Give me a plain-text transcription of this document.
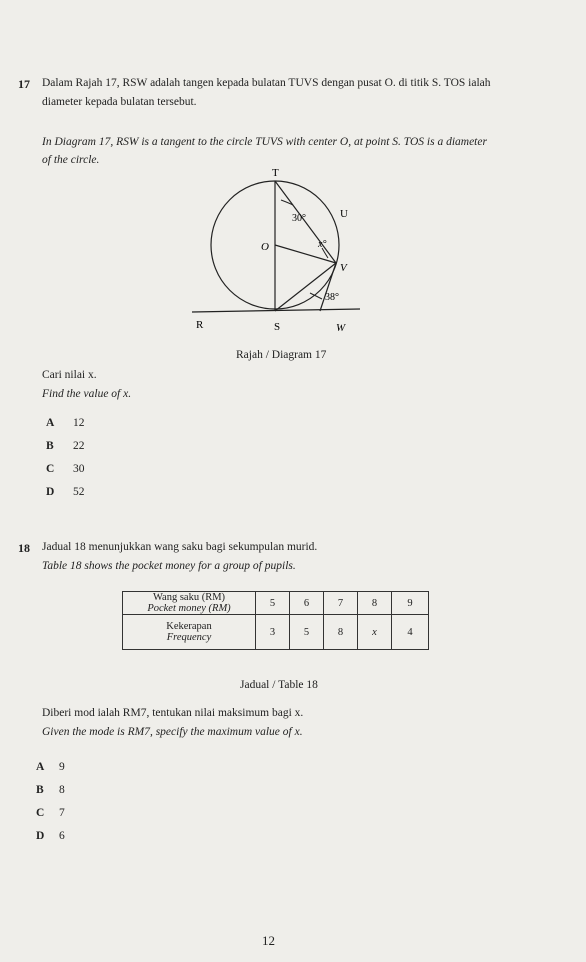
17 Dalam Rajah 17, RSW adalah tangen kepada bulatan TUVS dengan pusat O. di titik S. TOS ialah
diameter kepada bulatan tersebut.
In Diagram 17, RSW is a tangent to the circle TUVS with center O, at point S. TOS is a diameter
of the circle.
T
U
O
V
R	S	W
30°
x°
38°
Rajah / Diagram 17
Cari nilai x.
Find the value of x.
A	12
B	22
C	30
D	52
18 Jadual 18 menunjukkan wang saku bagi sekumpulan murid.
Table 18 shows the pocket money for a group of pupils.
Wang saku (RM)
Pocket money (RM)	5	6	7	8	9

Kekerapan
Frequency	3	5	8	x	4
Jadual / Table 18
Diberi mod ialah RM7, tentukan nilai maksimum bagi x.
Given the mode is RM7, specify the maximum value of x.
A	9
B	8
C	7
D	6
12
